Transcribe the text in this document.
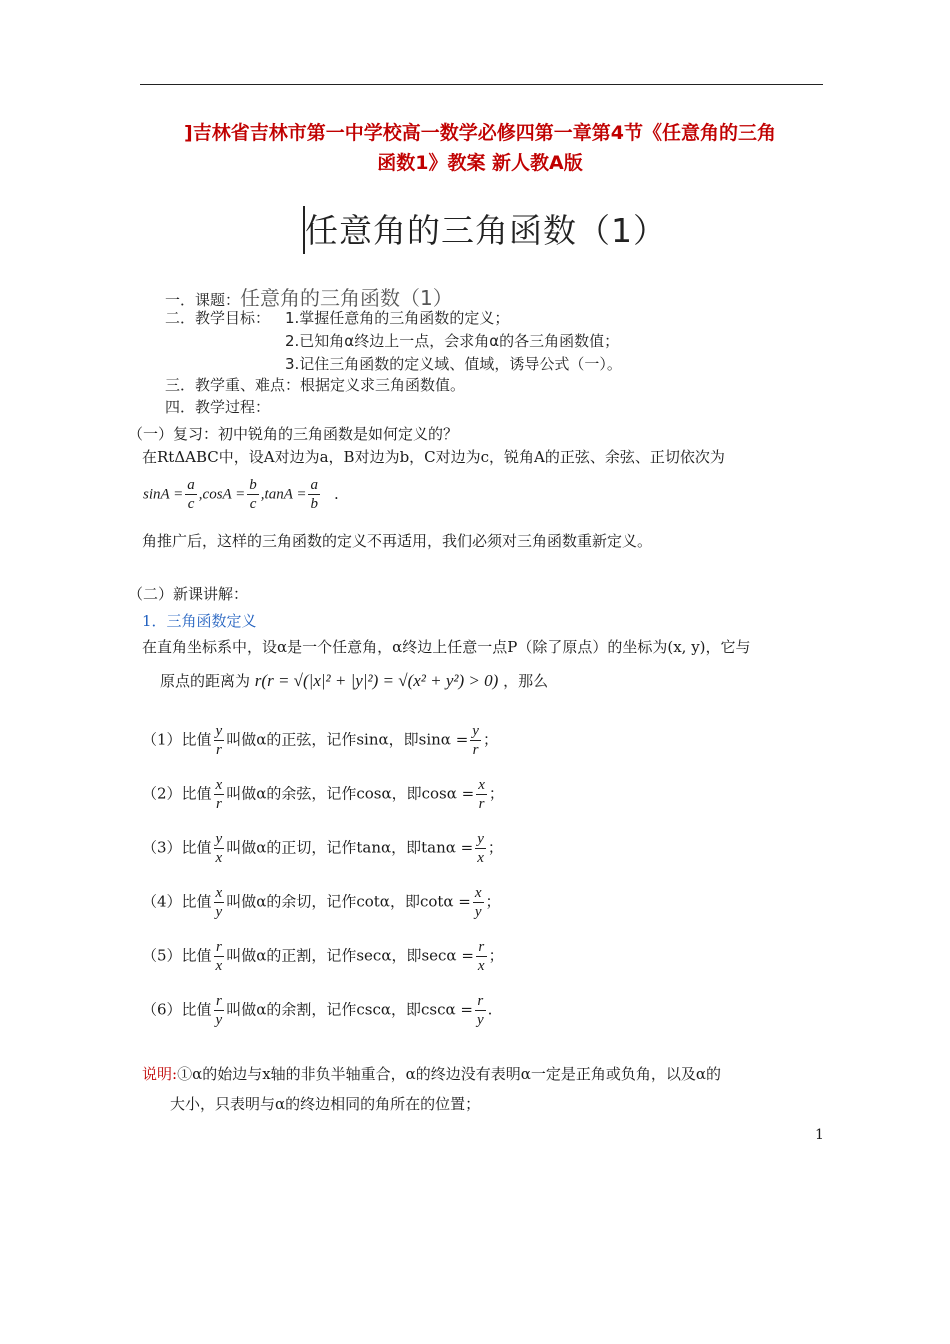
]吉林省吉林市第一中学校高一数学必修四第一章第4节《任意角的三角
函数1》教案 新人教A版
任意角的三角函数（1）
一．课题：任意角的三角函数（1）
二．教学目标： 1.掌握任意角的三角函数的定义；
2.已知角α终边上一点，会求角α的各三角函数值；
3.记住三角函数的定义域、值域，诱导公式（一）。
三．教学重、难点：根据定义求三角函数值。
四．教学过程：
（一）复习：初中锐角的三角函数是如何定义的？
在RtΔABC中，设A对边为a，B对边为b，C对边为c，锐角A的正弦、余弦、正切依次为
$\sin A = \frac{a}{c} ,\cos A = \frac{b}{c} ,\tan A = \frac{a}{b}$ .
角推广后，这样的三角函数的定义不再适用，我们必须对三角函数重新定义。
（二）新课讲解：
1．三角函数定义
在直角坐标系中，设α是一个任意角，α终边上任意一点P（除了原点）的坐标为(x, y)，它与
原点的距离为 r(r = √(|x|² + |y|²) = √(x² + y²) > 0) ，那么
（1）比值 $\frac{y}{r}$ 叫做α的正弦，记作sinα，即$\sin\alpha = \frac{y}{r}$ ；
（2）比值 $\frac{x}{r}$ 叫做α的余弦，记作cosα，即$\cos\alpha = \frac{x}{r}$ ；
（3）比值 $\frac{y}{x}$ 叫做α的正切，记作tanα，即$\tan\alpha = \frac{y}{x}$ ；
（4）比值 $\frac{x}{y}$ 叫做α的余切，记作cotα，即$\cot\alpha = \frac{x}{y}$ ；
（5）比值 $\frac{r}{x}$ 叫做α的正割，记作secα，即$\sec\alpha = \frac{r}{x}$ ；
（6）比值 $\frac{r}{y}$ 叫做α的余割，记作cscα，即$\csc\alpha = \frac{r}{y}$ .
说明:①α的始边与x轴的非负半轴重合，α的终边没有表明α一定是正角或负角，以及α的
大小，只表明与α的终边相同的角所在的位置；
1
